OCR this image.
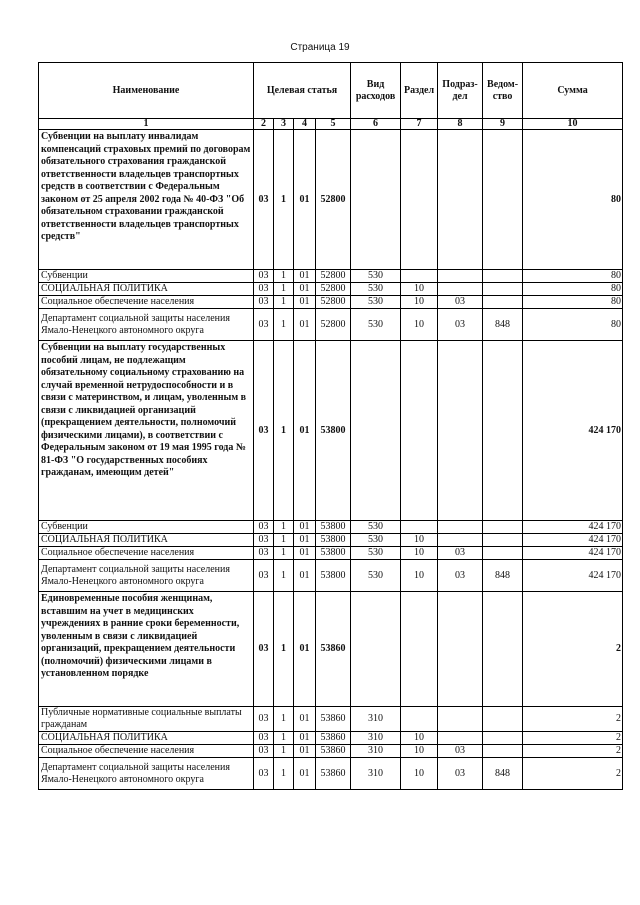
Страница 19
Наименование	Целевая статья				Вид расходов	Раздел	Подраз-дел	Ведом-ство	Сумма
1	2	3	4	5	6	7	8	9	10
Субвенции на выплату инвалидам компенсаций страховых премий по договорам обязательного страхования гражданской ответственности владельцев транспортных средств в соответствии с Федеральным законом от 25 апреля 2002 года № 40-ФЗ "Об обязательном страховании гражданской ответственности владельцев транспортных средств"	03	1	01	52800					80
Субвенции	03	1	01	52800	530				80
СОЦИАЛЬНАЯ ПОЛИТИКА	03	1	01	52800	530	10			80
Социальное обеспечение населения	03	1	01	52800	530	10	03		80
Департамент социальной защиты населения Ямало-Ненецкого автономного округа	03	1	01	52800	530	10	03	848	80
Субвенции на выплату государственных пособий лицам, не подлежащим обязательному социальному страхованию на случай временной нетрудоспособности и в связи с материнством, и лицам, уволенным в связи с ликвидацией организаций (прекращением деятельности, полномочий физическими лицами), в соответствии с Федеральным законом от 19 мая 1995 года № 81-ФЗ "О государственных пособиях гражданам, имеющим детей"	03	1	01	53800					424 170
Субвенции	03	1	01	53800	530				424 170
СОЦИАЛЬНАЯ ПОЛИТИКА	03	1	01	53800	530	10			424 170
Социальное обеспечение населения	03	1	01	53800	530	10	03		424 170
Департамент социальной защиты населения Ямало-Ненецкого автономного округа	03	1	01	53800	530	10	03	848	424 170
Единовременные пособия женщинам, вставшим на учет в медицинских учреждениях в ранние сроки беременности, уволенным в связи с ликвидацией организаций, прекращением деятельности (полномочий) физическими лицами в установленном порядке	03	1	01	53860					2
Публичные нормативные социальные выплаты гражданам	03	1	01	53860	310				2
СОЦИАЛЬНАЯ ПОЛИТИКА	03	1	01	53860	310	10			2
Социальное обеспечение населения	03	1	01	53860	310	10	03		2
Департамент социальной защиты населения Ямало-Ненецкого автономного округа	03	1	01	53860	310	10	03	848	2
